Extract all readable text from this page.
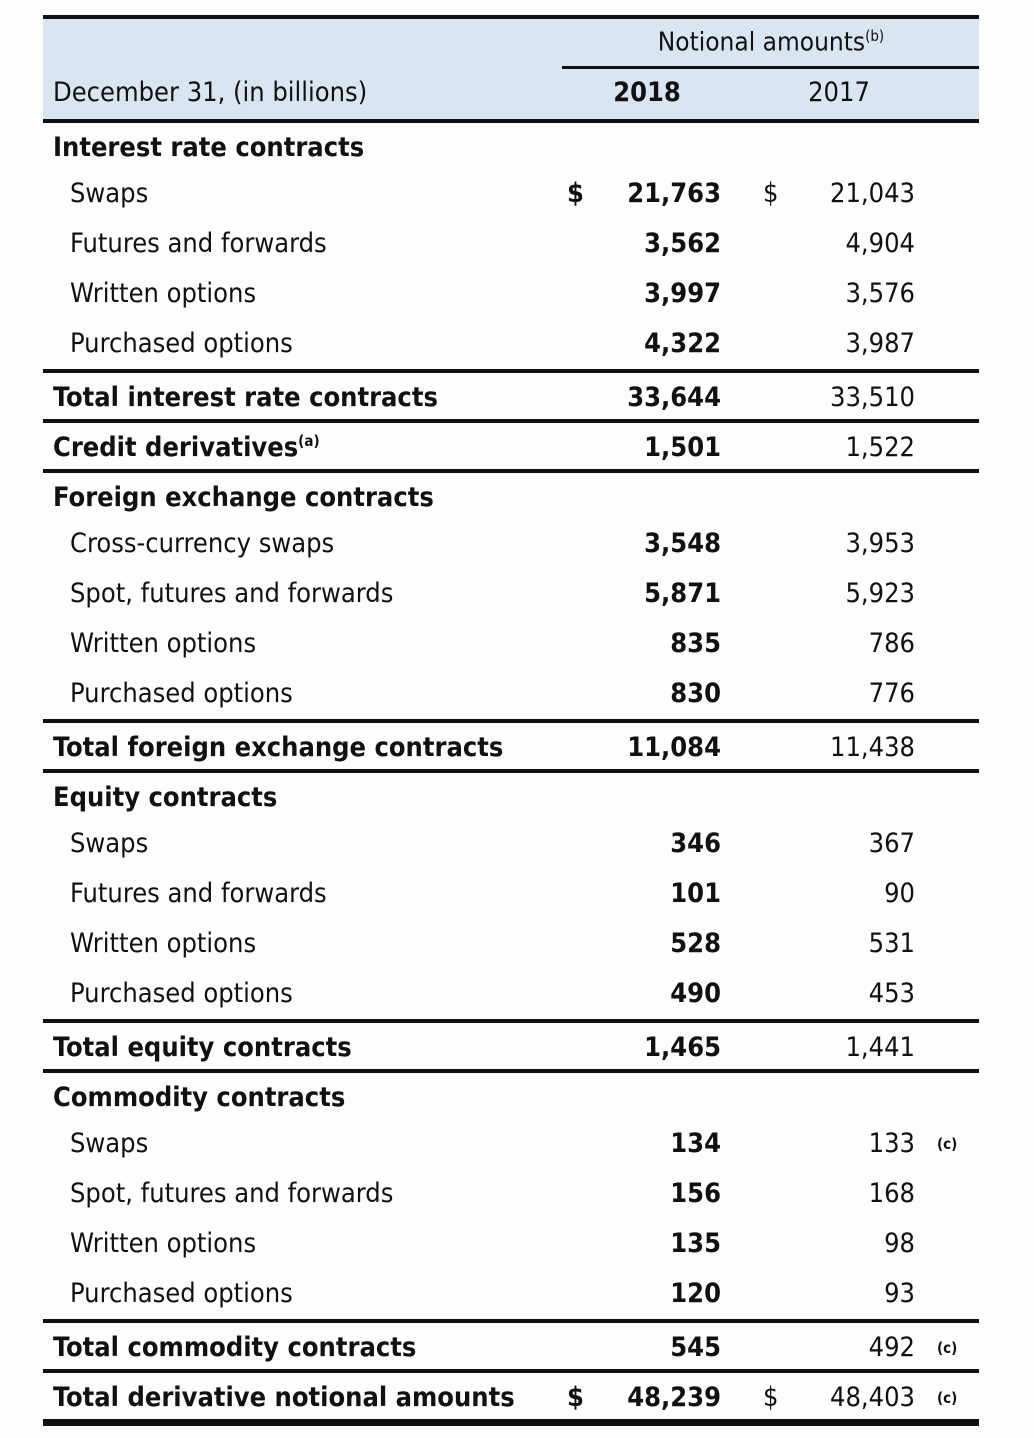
Notional amounts$^{(b)}$
December 31, (in billions)	2018	2017
Interest rate contracts
Swaps	$ 21,763 $ 21,043
Futures and forwards	3,562	4,904
Written options	3,997	3,576
Purchased options	4,322	3,987
Total interest rate contracts	33,644	33,510
Credit derivatives$^{(a)}$	1,501	1,522
Foreign exchange contracts
Cross-currency swaps	3,548	3,953
Spot, futures and forwards	5,871	5,923
Written options	835	786
Purchased options	830	776
Total foreign exchange contracts	11,084	11,438
Equity contracts
Swaps	346	367
Futures and forwards	101	90
Written options	528	531
Purchased options	490	453
Total equity contracts	1,465	1,441
Commodity contracts
Swaps	134	133 (c)
Spot, futures and forwards	156	168
Written options	135	98
Purchased options	120	93
Total commodity contracts	545	492 (c)
Total derivative notional amounts $ 48,239 $ 48,403 (c)
